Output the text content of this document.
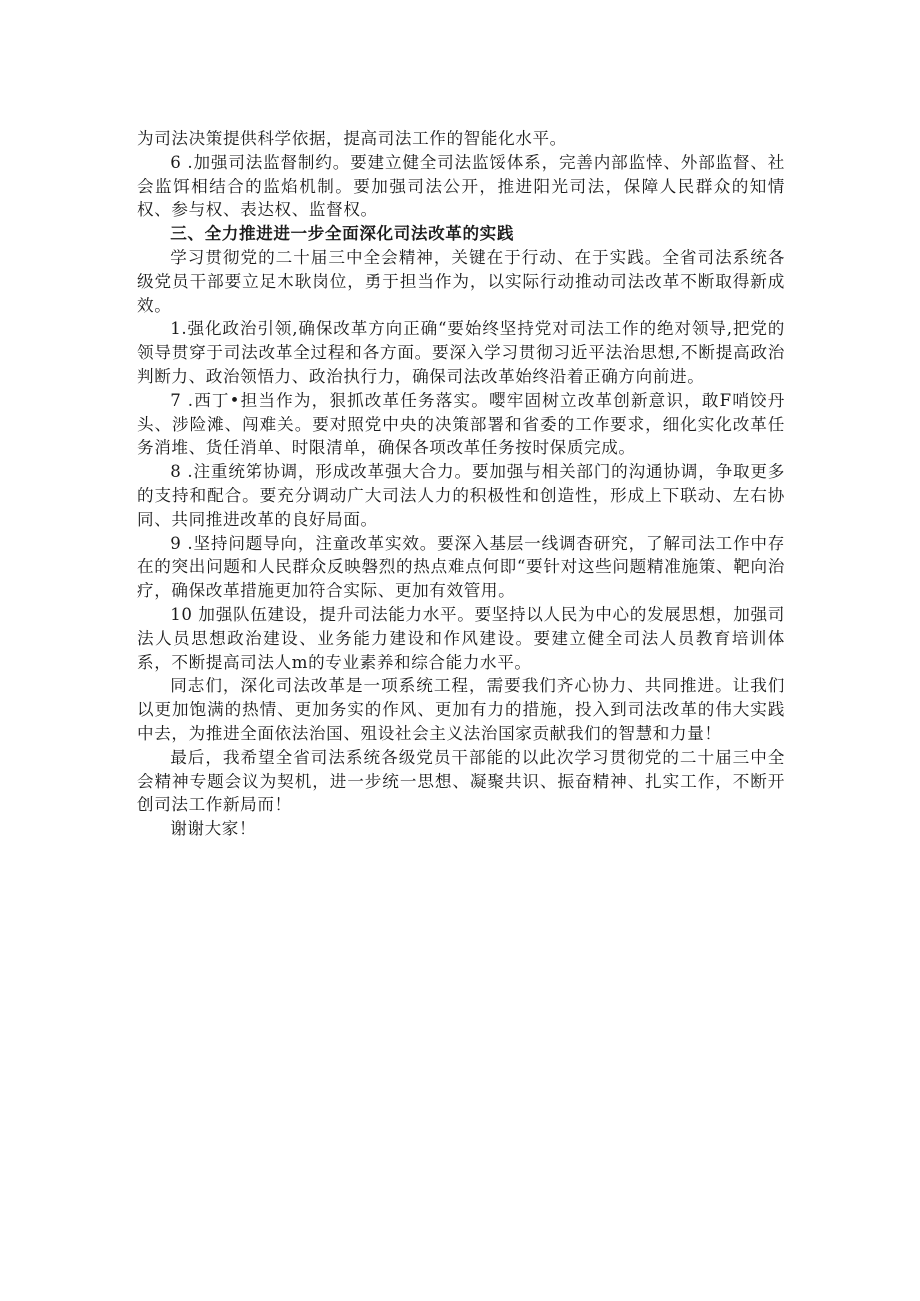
为司法决策提供科学依据，提高司法工作的智能化水平。

6 .加强司法监督制约。要建立健全司法监馁体系，完善内部监悻、外部监督、社会监饵相结合的监焰机制。要加强司法公开，推进阳光司法，保障人民群众的知情权、参与权、表达权、监督权。

三、全力推进进一步全面深化司法改革的实践

学习贯彻党的二十届三中全会精神，关键在于行动、在于实践。全省司法系统各级党员干部要立足木耿岗位，勇于担当作为，以实际行动推动司法改革不断取得新成效。

1.强化政治引领,确保改革方向正确“要始终坚持党对司法工作的绝对领导,把党的领导贯穿于司法改革全过程和各方面。要深入学习贯彻习近平法治思想,不断提高政治判断力、政治领悟力、政治执行力，确保司法改革始终沿着正确方向前进。

7 .西丁•担当作为，狠抓改革任务落实。嘤牢固树立改革创新意识，敢F哨饺丹头、涉险滩、闯难关。要对照党中央的决策部署和省委的工作要求，细化实化改革任务消堆、货任消单、时限清单，确保各项改革任务按时保质完成。

8 .注重统笫协调，形成改革强大合力。要加强与相关部门的沟通协调，争取更多的支持和配合。要充分调动广大司法人力的积极性和创造性，形成上下联动、左右协同、共同推进改革的良好局面。

9 .坚持问题导向，注童改革实效。要深入基层一线调杳研究，了解司法工作中存在的突出问题和人民群众反映磐烈的热点难点何即“要针对这些问题精准施策、靶向治疗，确保改革措施更加符合实际、更加有效管用。

10 加强队伍建设，提升司法能力水平。要坚持以人民为中心的发展思想，加强司法人员思想政治建设、业务能力建设和作风建设。要建立健全司法人员教育培训体系，不断提高司法人m的专业素养和综合能力水平。

同志们，深化司法改革是一项系统工程，需要我们齐心协力、共同推进。让我们以更加饱满的热情、更加务实的作风、更加有力的措施，投入到司法改革的伟大实践中去，为推进全面依法治国、殂设社会主义法治国家贡献我们的智慧和力量！

最后，我希望全省司法系统各级党员干部能的以此次学习贯彻党的二十届三中全会精神专题会议为契机，进一步统一思想、凝聚共识、振奋精神、扎实工作，不断开创司法工作新局而！

谢谢大家！
